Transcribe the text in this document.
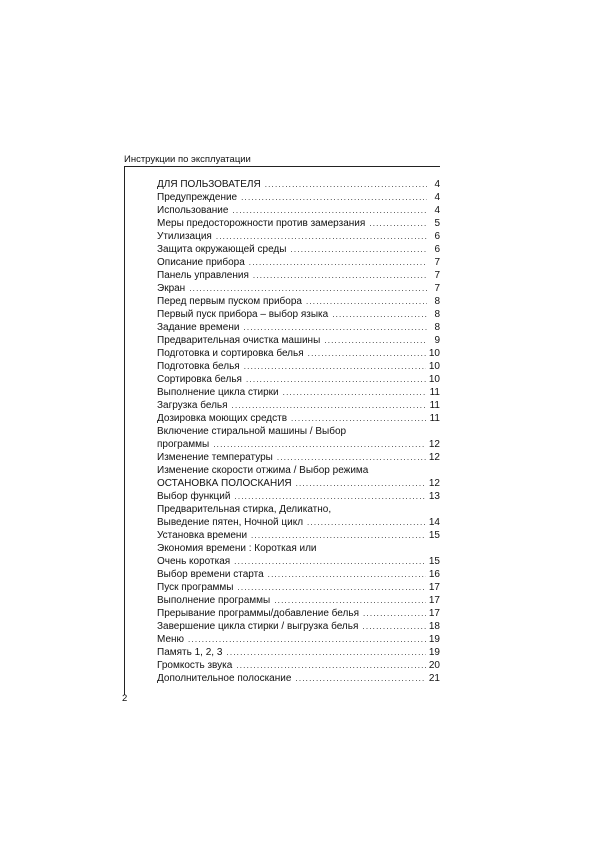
Инструкции по эксплуатации
ДЛЯ ПОЛЬЗОВАТЕЛЯ .....	4
Предупреждение .....	4
Использование .....	4
Меры предосторожности против замерзания .....	5
Утилизация .....	6
Защита окружающей среды .....	6
Описание прибора .....	7
Панель управления .....	7
Экран .....	7
Перед первым пуском прибора .....	8
Первый пуск прибора – выбор языка .....	8
Задание времени .....	8
Предварительная очистка машины .....	9
Подготовка и сортировка белья .....	10
Подготовка белья .....	10
Сортировка белья .....	10
Выполнение цикла стирки .....	11
Загрузка белья .....	11
Дозировка моющих средств .....	11
Включение стиральной машины / Выбор
программы .....	12
Изменение температуры .....	12
Изменение скорости отжима / Выбор режима
ОСТАНОВКА ПОЛОСКАНИЯ .....	12
Выбор функций .....	13
Предварительная стирка, Деликатно,
Выведение пятен, Ночной цикл .....	14
Установка времени .....	15
Экономия времени : Короткая или
Очень короткая .....	15
Выбор времени старта .....	16
Пуск программы .....	17
Выполнение программы .....	17
Прерывание программы/добавление белья .....	17
Завершение цикла стирки / выгрузка белья .....	18
Меню .....	19
Память 1, 2, 3 .....	19
Громкость звука .....	20
Дополнительное полоскание .....	21
2
